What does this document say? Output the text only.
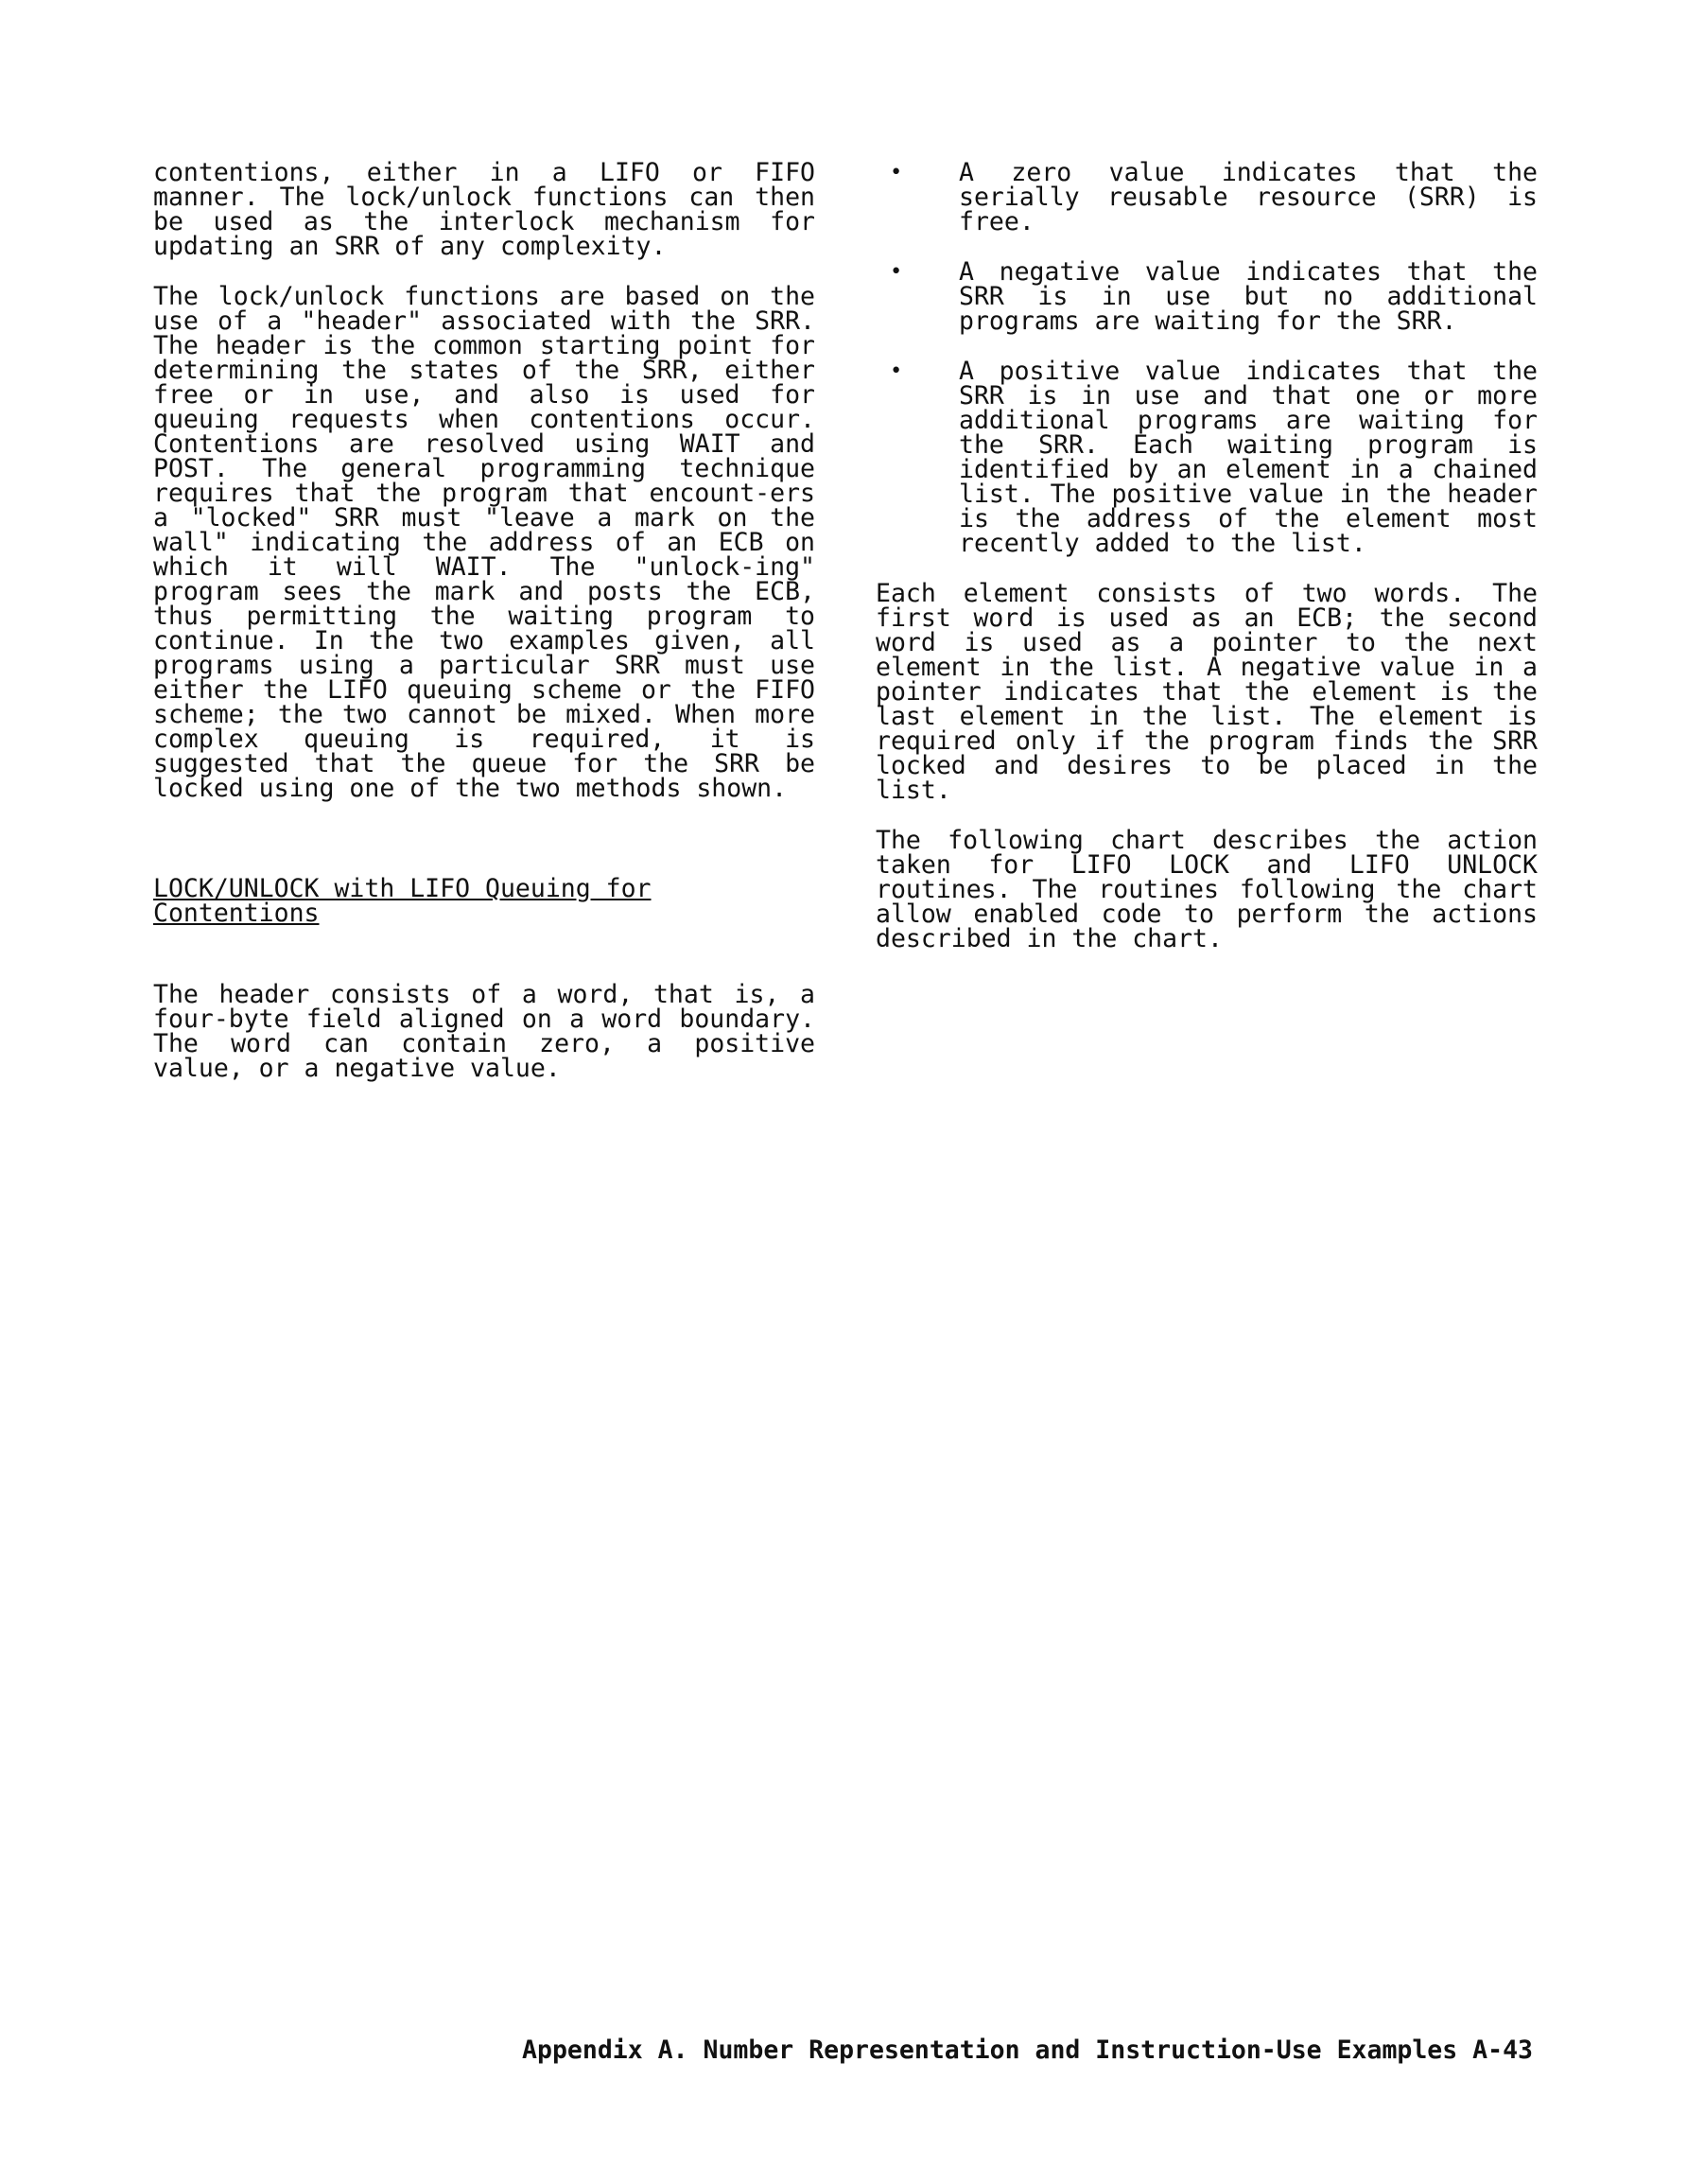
contentions, either in a LIFO or FIFO manner. The lock/unlock functions can then be used as the interlock mechanism for updating an SRR of any complexity.

The lock/unlock functions are based on the use of a "header" associated with the SRR. The header is the common starting point for determining the states of the SRR, either free or in use, and also is used for queuing requests when contentions occur. Contentions are resolved using WAIT and POST. The general programming technique requires that the program that encount-ers a "locked" SRR must "leave a mark on the wall" indicating the address of an ECB on which it will WAIT. The "unlock-ing" program sees the mark and posts the ECB, thus permitting the waiting program to continue. In the two examples given, all programs using a particular SRR must use either the LIFO queuing scheme or the FIFO scheme; the two cannot be mixed. When more complex queuing is required, it is suggested that the queue for the SRR be locked using one of the two methods shown.

LOCK/UNLOCK with LIFO Queuing for Contentions

The header consists of a word, that is, a four-byte field aligned on a word boundary. The word can contain zero, a positive value, or a negative value.

• A zero value indicates that the serially reusable resource (SRR) is free.
• A negative value indicates that the SRR is in use but no additional programs are waiting for the SRR.
• A positive value indicates that the SRR is in use and that one or more additional programs are waiting for the SRR. Each waiting program is identified by an element in a chained list. The positive value in the header is the address of the element most recently added to the list.

Each element consists of two words. The first word is used as an ECB; the second word is used as a pointer to the next element in the list. A negative value in a pointer indicates that the element is the last element in the list. The element is required only if the program finds the SRR locked and desires to be placed in the list.

The following chart describes the action taken for LIFO LOCK and LIFO UNLOCK routines. The routines following the chart allow enabled code to perform the actions described in the chart.

Appendix A. Number Representation and Instruction-Use Examples A-43
